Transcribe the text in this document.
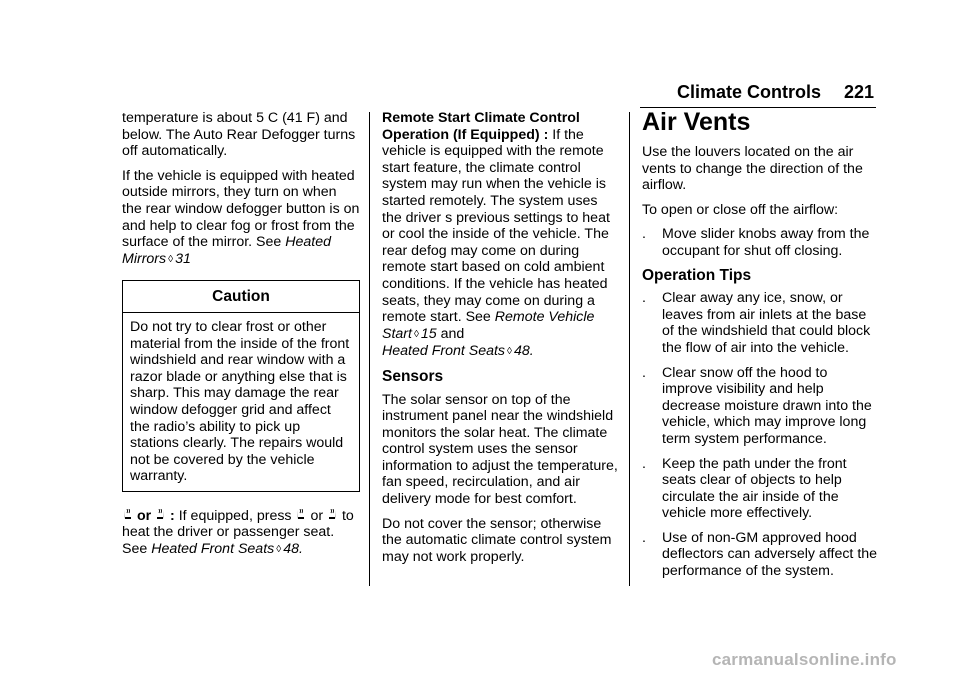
Climate Controls 221

temperature is about 5 C (41 F) and below. The Auto Rear Defogger turns off automatically.

If the vehicle is equipped with heated outside mirrors, they turn on when the rear window defogger button is on and help to clear fog or frost from the surface of the mirror. See Heated Mirrors ◊ 31

Caution
Do not try to clear frost or other material from the inside of the front windshield and rear window with a razor blade or anything else that is sharp. This may damage the rear window defogger grid and affect the radio’s ability to pick up stations clearly. The repairs would not be covered by the vehicle warranty.

or : If equipped, press or to heat the driver or passenger seat. See Heated Front Seats ◊ 48.

Remote Start Climate Control Operation (If Equipped) : If the vehicle is equipped with the remote start feature, the climate control system may run when the vehicle is started remotely. The system uses the driver s previous settings to heat or cool the inside of the vehicle. The rear defog may come on during remote start based on cold ambient conditions. If the vehicle has heated seats, they may come on during a remote start. See Remote Vehicle Start ◊ 15 and
Heated Front Seats ◊ 48.

Sensors

The solar sensor on top of the instrument panel near the windshield monitors the solar heat. The climate control system uses the sensor information to adjust the temperature, fan speed, recirculation, and air delivery mode for best comfort.

Do not cover the sensor; otherwise the automatic climate control system may not work properly.

Air Vents

Use the louvers located on the air vents to change the direction of the airflow.

To open or close off the airflow:

. Move slider knobs away from the occupant for shut off closing.
Operation Tips
. Clear away any ice, snow, or leaves from air inlets at the base of the windshield that could block the flow of air into the vehicle.
. Clear snow off the hood to improve visibility and help decrease moisture drawn into the vehicle, which may improve long term system performance.
. Keep the path under the front seats clear of objects to help circulate the air inside of the vehicle more effectively.
. Use of non-GM approved hood deflectors can adversely affect the performance of the system.
carmanualsonline.info
